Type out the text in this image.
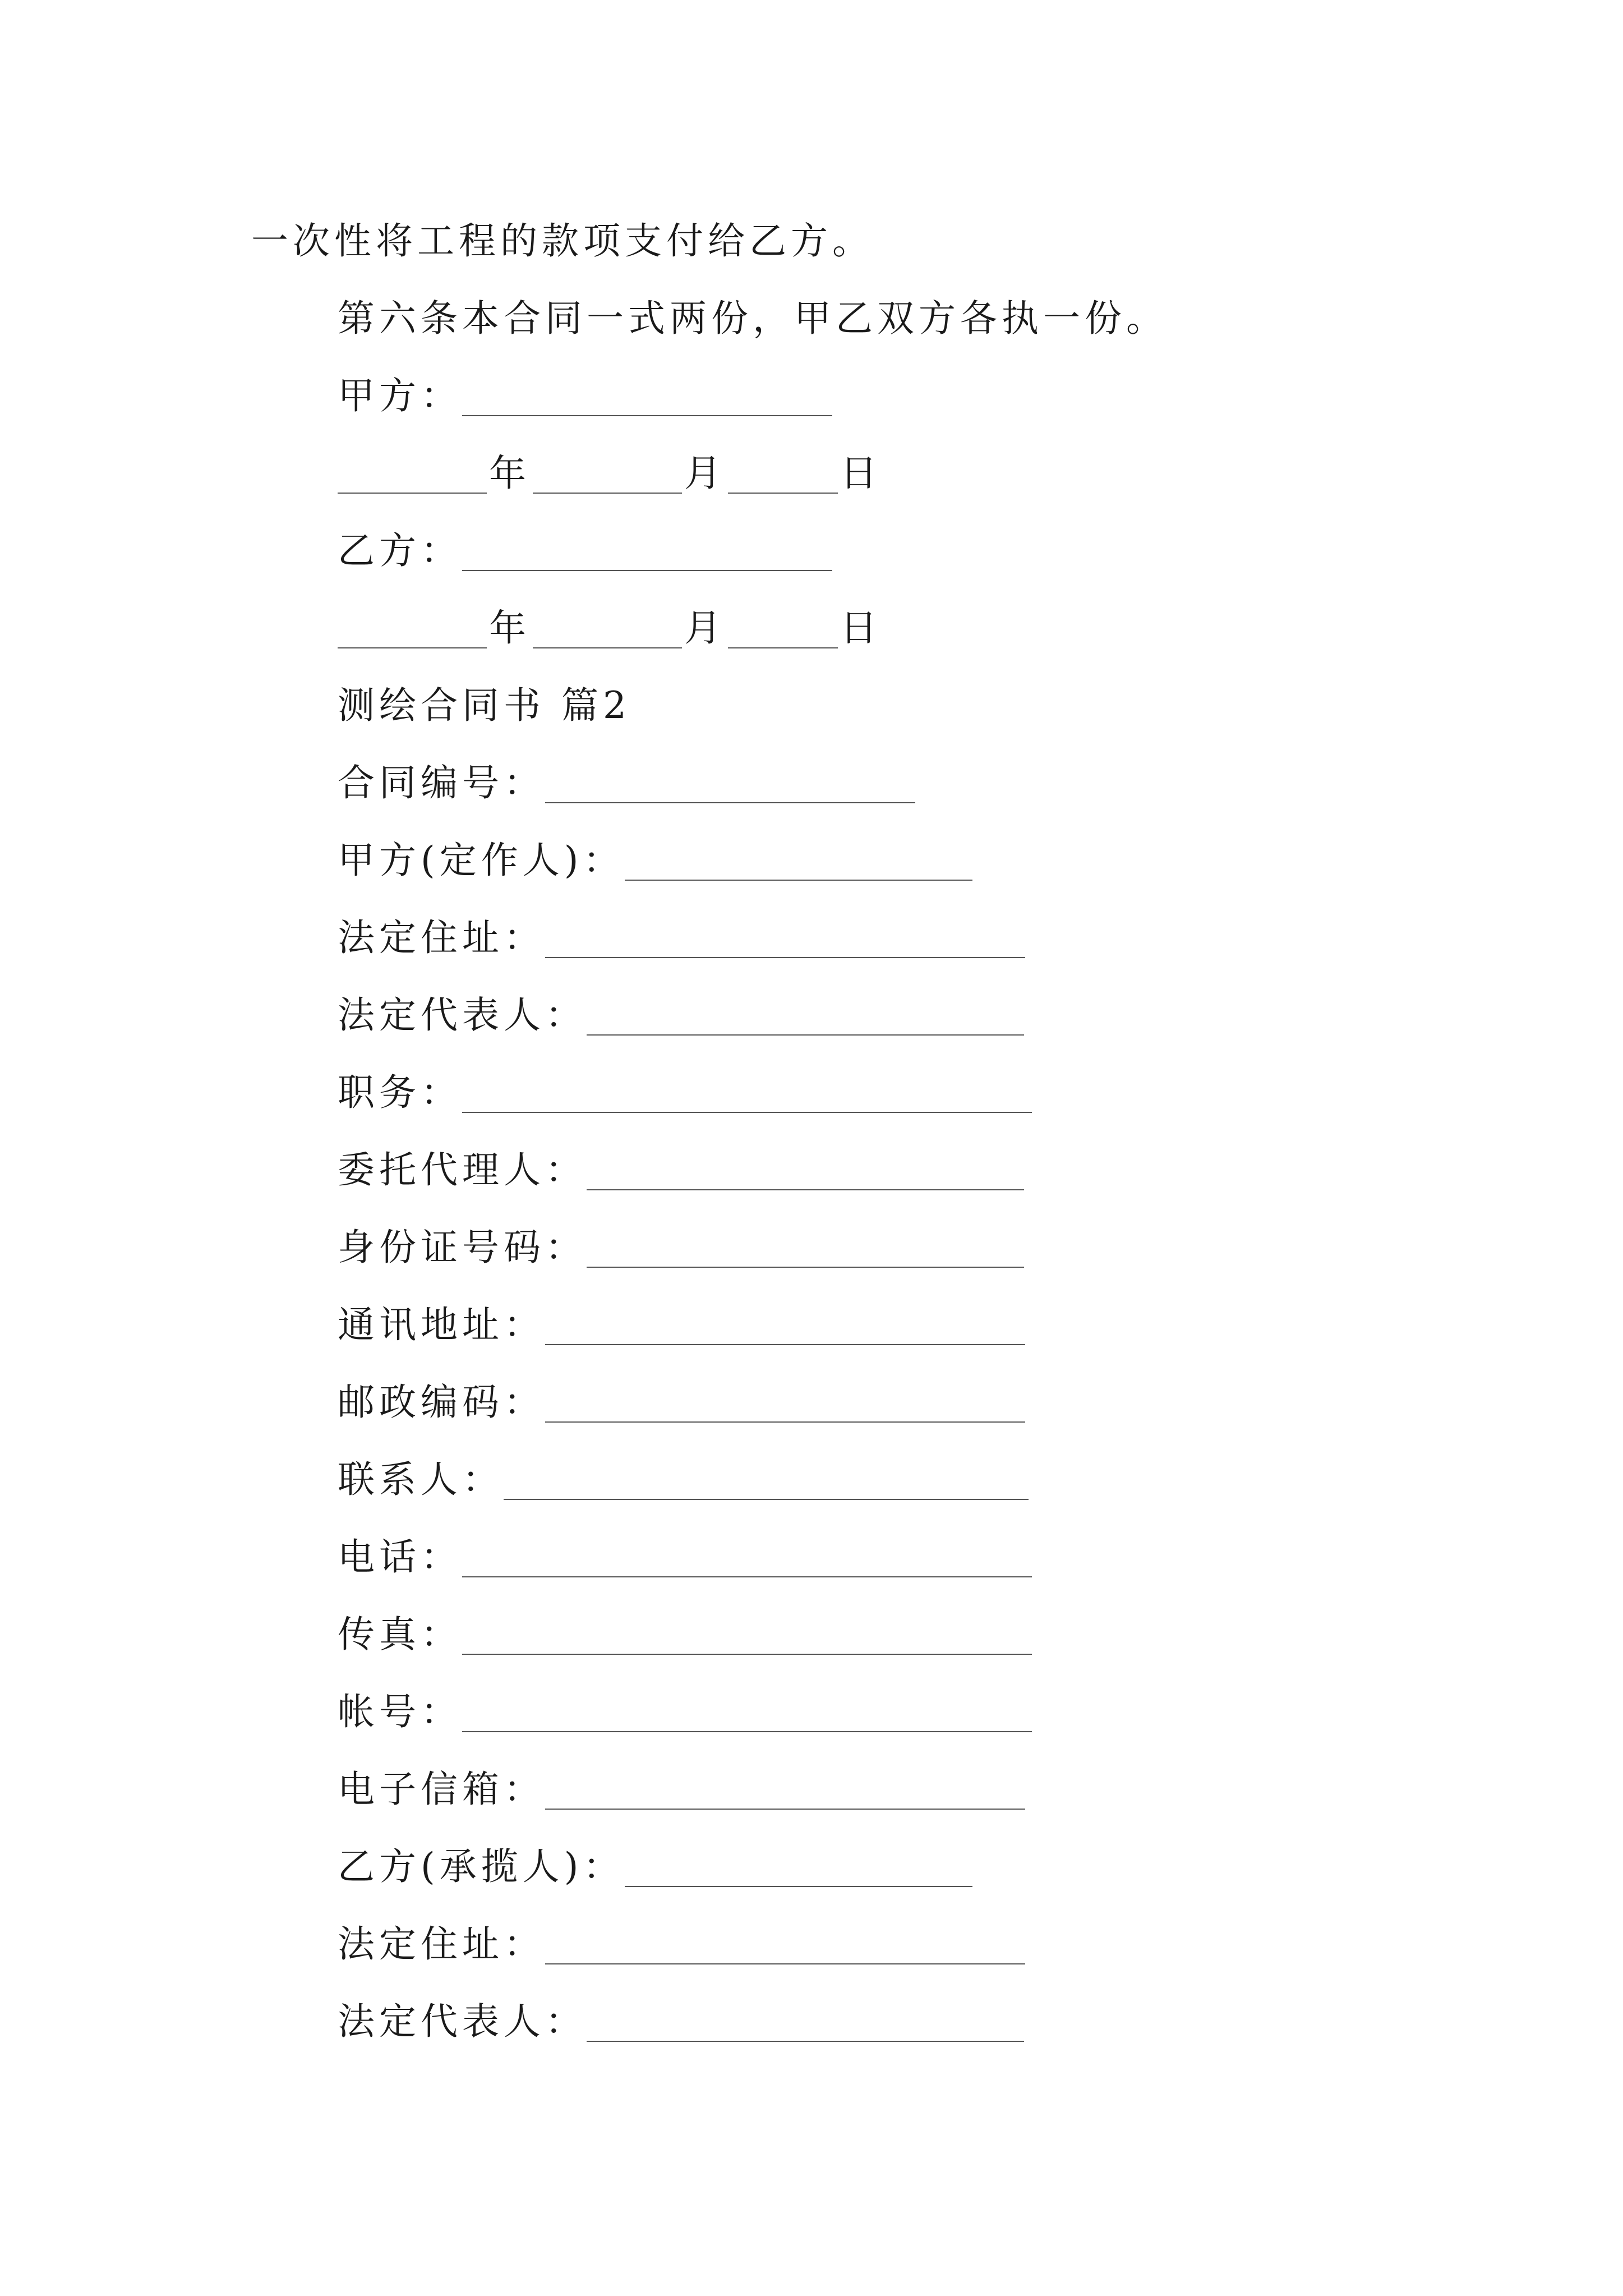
一次性将工程的款项支付给乙方。
第六条本合同一式两份，甲乙双方各执一份。
甲方：
年	月	日
乙方：
年	月	日
测绘合同书 篇2
合同编号：
甲方(定作人)：
法定住址：
法定代表人：
职务：
委托代理人：
身份证号码：
通讯地址：
邮政编码：
联系人：
电话：
传真：
帐号：
电子信箱：
乙方(承揽人)：
法定住址：
法定代表人：
